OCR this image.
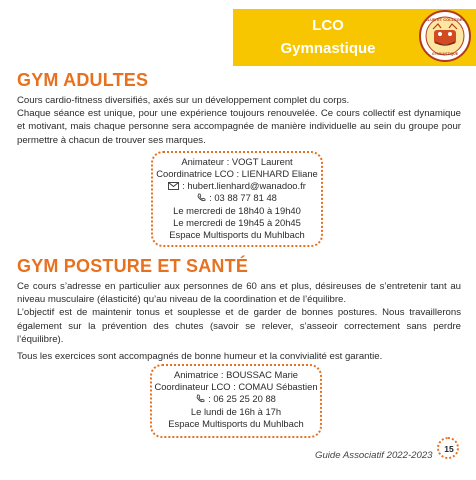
LCO
Gymnastique
CLUB ET COLLEGES
GYMNASTIQUE
GYM ADULTES

Cours cardio-fitness diversifiés, axés sur un développement complet du corps.

Chaque séance est unique, pour une expérience toujours renouvelée. Ce cours collectif est dynamique et motivant, mais chaque personne sera accompagnée de manière individuelle au sein du groupe pour permettre à chacun de trouver ses marques.

Animateur : VOGT Laurent
Coordinatrice LCO : LIENHARD Eliane
: hubert.lienhard@wanadoo.fr
: 03 88 77 81 48
Le mercredi de 18h40 à 19h40
Le mercredi de 19h45 à 20h45
Espace Multisports du Muhlbach
GYM POSTURE ET SANTÉ

Ce cours s’adresse en particulier aux personnes de 60 ans et plus, désireuses de s’entretenir tant au niveau musculaire (élasticité) qu’au niveau de la coordination et de l’équilibre.

L’objectif est de maintenir tonus et souplesse et de garder de bonnes postures. Nous travaillerons également sur la prévention des chutes (savoir se relever, s’asseoir correctement sans perdre l’équilibre).

Tous les exercices sont accompagnés de bonne humeur et la convivialité est garantie.

Animatrice : BOUSSAC Marie
Coordinateur LCO : COMAU Sébastien
: 06 25 25 20 88
Le lundi de 16h à 17h
Espace Multisports du Muhlbach
Guide Associatif 2022-2023
15
